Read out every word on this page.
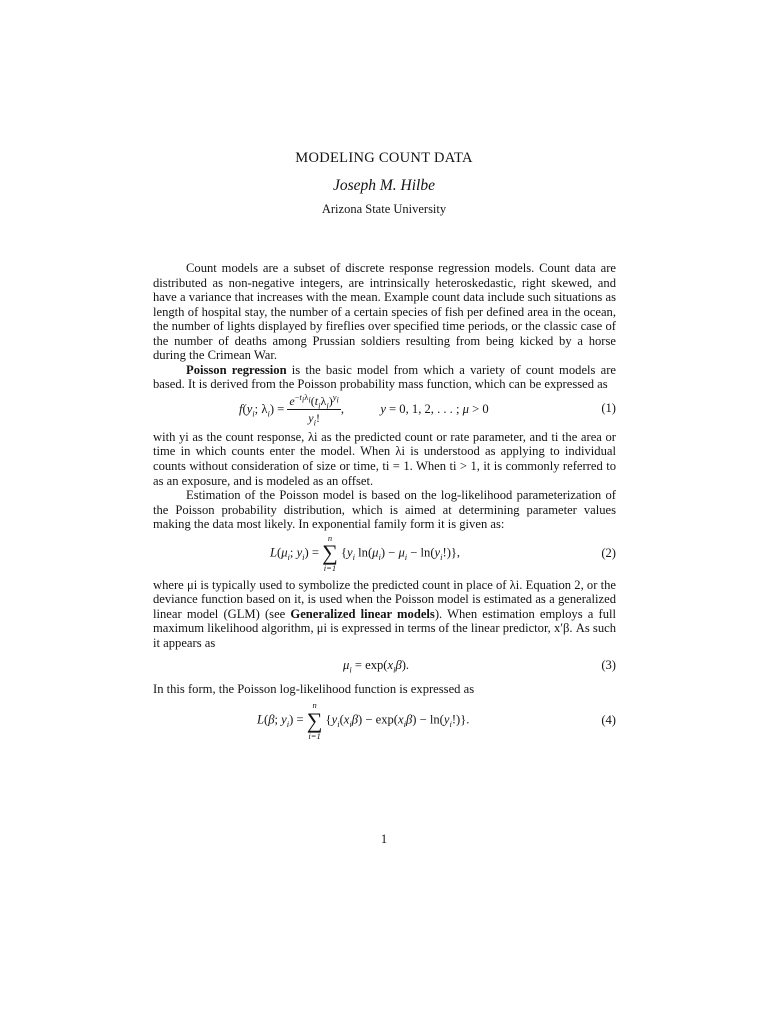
MODELING COUNT DATA
Joseph M. Hilbe
Arizona State University

Count models are a subset of discrete response regression models. Count data are distributed as non-negative integers, are intrinsically heteroskedastic, right skewed, and have a variance that increases with the mean. Example count data include such situations as length of hospital stay, the number of a certain species of fish per defined area in the ocean, the number of lights displayed by fireflies over specified time periods, or the classic case of the number of deaths among Prussian soldiers resulting from being kicked by a horse during the Crimean War.

Poisson regression is the basic model from which a variety of count models are based. It is derived from the Poisson probability mass function, which can be expressed as

$f(y_i$; $\lambda_i) = \frac{e^{-t_i\lambda_i}(t_i\lambda_i)^{y_i}}{y_i!}$ ,	y = 0, 1, 2, . . . ; μ > 0	(1)

with yi as the count response, λi as the predicted count or rate parameter, and ti the area or time in which counts enter the model. When λi is understood as applying to individual counts without consideration of size or time, ti = 1. When ti > 1, it is commonly referred to as an exposure, and is modeled as an offset.

Estimation of the Poisson model is based on the log-likelihood parameterization of the Poisson probability distribution, which is aimed at determining parameter values making the data most likely. In exponential family form it is given as:

$L(\mu_i$; $y_i$) =
n
∑
i=1
{$y_i$ $\ln(\mu_i) - \mu_i - \ln(y_i!)$},	(2)

where μi is typically used to symbolize the predicted count in place of λi. Equation 2, or the deviance function based on it, is used when the Poisson model is estimated as a generalized linear model (GLM) (see Generalized linear models). When estimation employs a full maximum likelihood algorithm, μi is expressed in terms of the linear predictor, x′β. As such it appears as

$\mu_i = \exp(x_i\beta)$.	(3)

In this form, the Poisson log-likelihood function is expressed as

L(β; $y_i$) =
n
∑
i=1
$\{y_i(x_i\beta) - \exp(x_i\beta) - \ln(y_i!)\}$.	(4)
1
